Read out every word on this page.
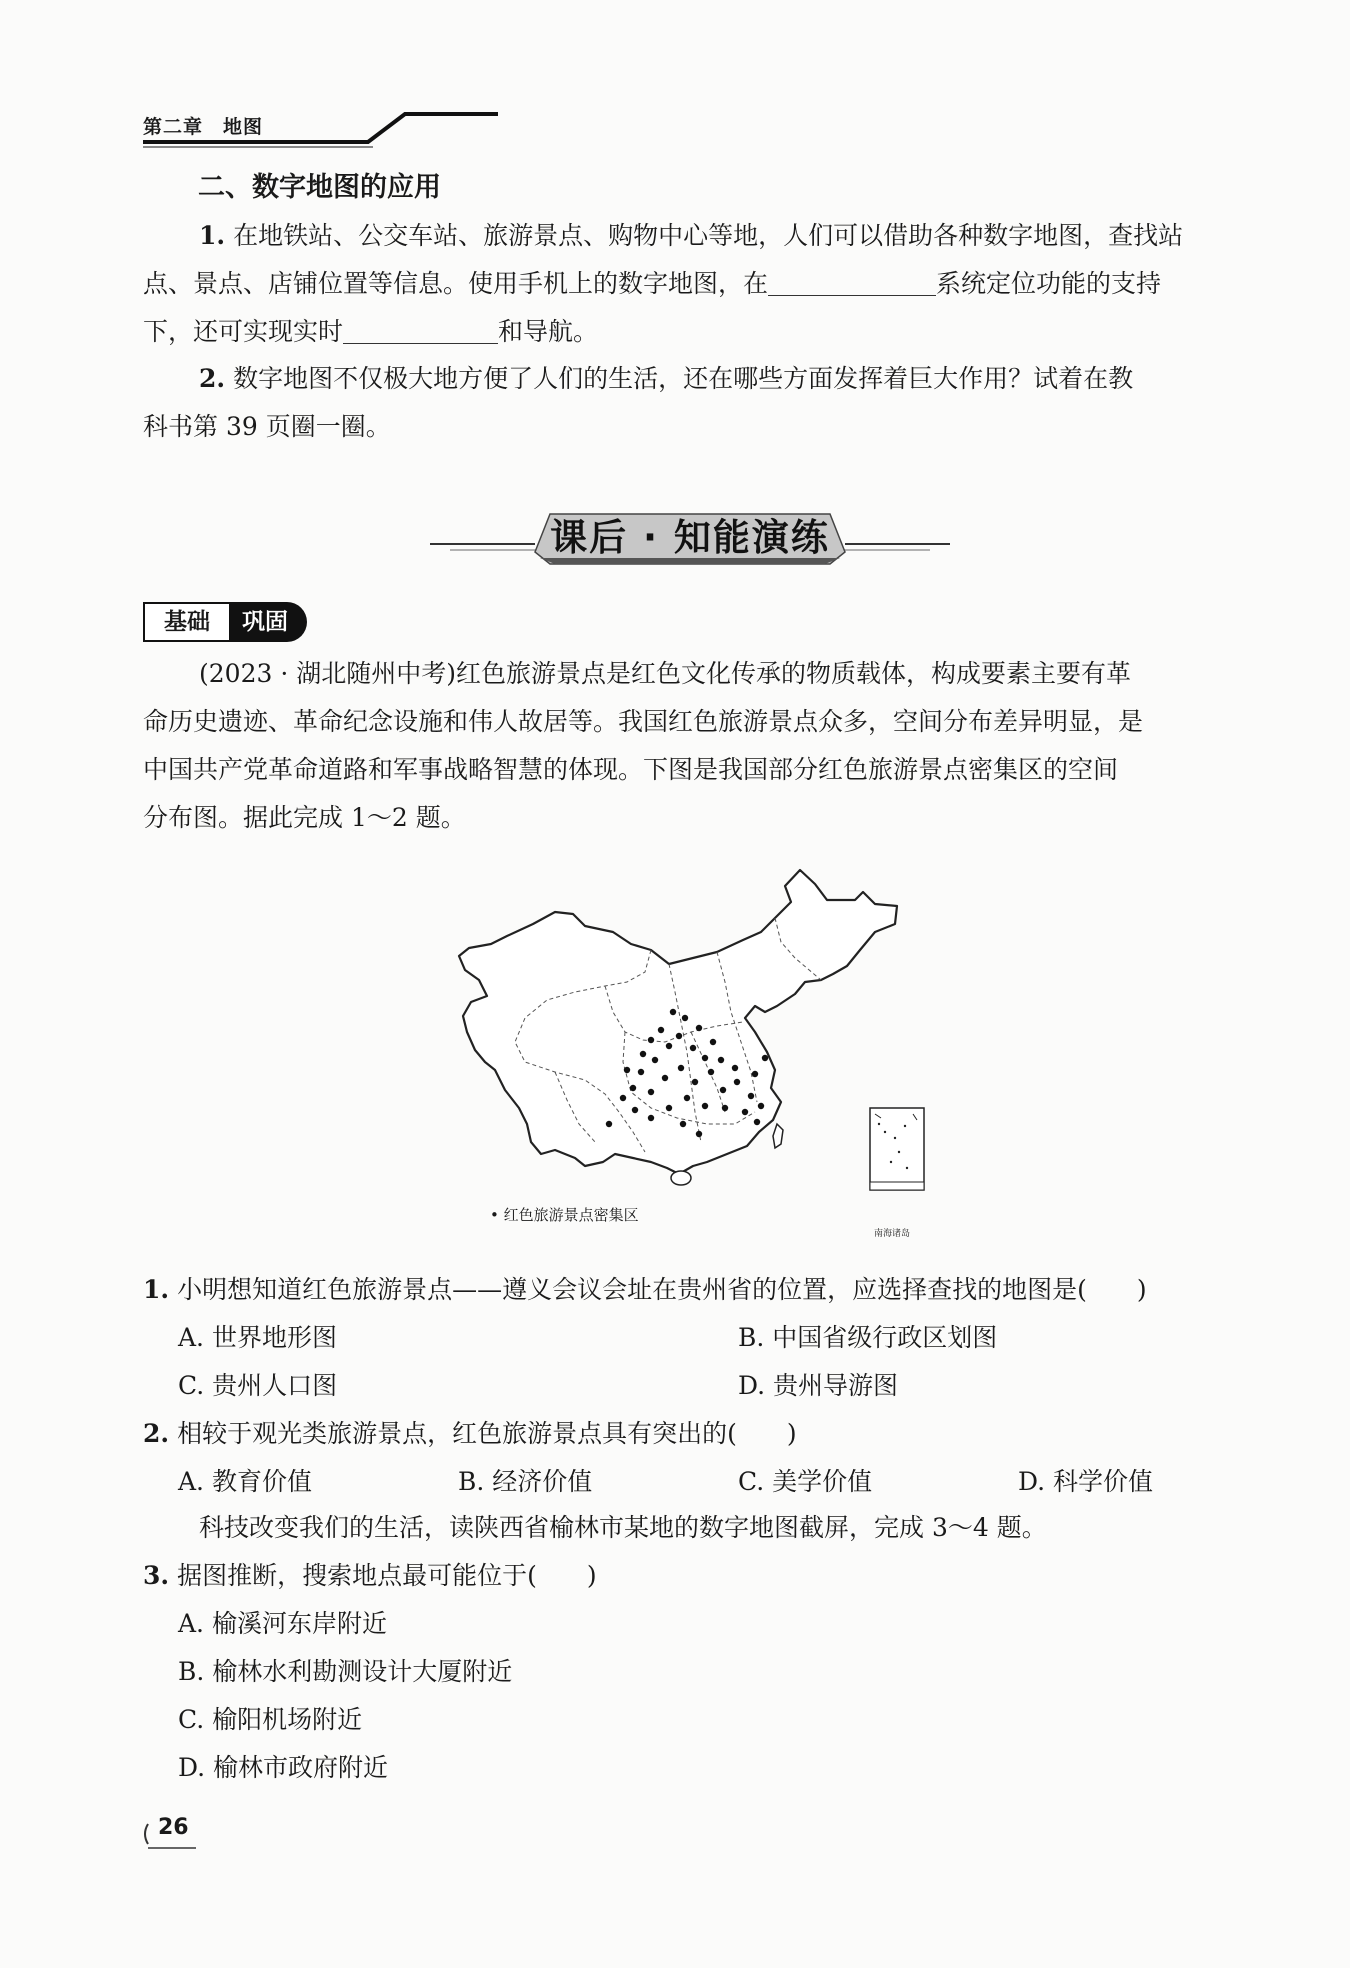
第二章　地图
二、数字地图的应用
1. 在地铁站、公交车站、旅游景点、购物中心等地，人们可以借助各种数字地图，查找站
点、景点、店铺位置等信息。使用手机上的数字地图，在	系统定位功能的支持
下，还可实现实时	和导航。
2. 数字地图不仅极大地方便了人们的生活，还在哪些方面发挥着巨大作用？试着在教
科书第 39 页圈一圈。
课后 · 知能演练
巩固
基础
(2023 · 湖北随州中考)红色旅游景点是红色文化传承的物质载体，构成要素主要有革
命历史遗迹、革命纪念设施和伟人故居等。我国红色旅游景点众多，空间分布差异明显，是
中国共产党革命道路和军事战略智慧的体现。下图是我国部分红色旅游景点密集区的空间
分布图。据此完成 1～2 题。
• 红色旅游景点密集区
南海诸岛
1. 小明想知道红色旅游景点——遵义会议会址在贵州省的位置，应选择查找的地图是(　　)
A. 世界地形图	B. 中国省级行政区划图
C. 贵州人口图	D. 贵州导游图
2. 相较于观光类旅游景点，红色旅游景点具有突出的(　　)
A. 教育价值	B. 经济价值	C. 美学价值	D. 科学价值
科技改变我们的生活，读陕西省榆林市某地的数字地图截屏，完成 3～4 题。
3. 据图推断，搜索地点最可能位于(　　)
A. 榆溪河东岸附近
B. 榆林水利勘测设计大厦附近
C. 榆阳机场附近
D. 榆林市政府附近
26
